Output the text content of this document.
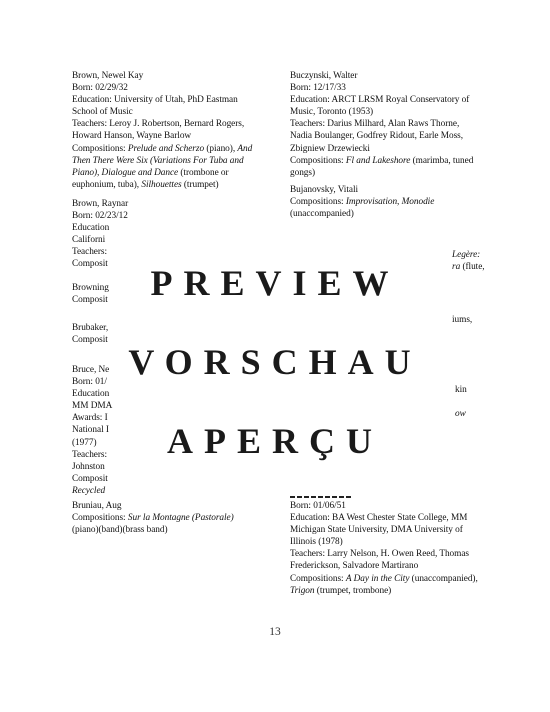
Brown, Newel Kay
Born: 02/29/32
Education: University of Utah, PhD Eastman
School of Music
Teachers: Leroy J. Robertson, Bernard Rogers,
Howard Hanson, Wayne Barlow
Compositions: Prelude and Scherzo (piano), And
Then There Were Six (Variations For Tuba and
Piano), Dialogue and Dance (trombone or
euphonium, tuba), Silhouettes (trumpet)
Brown, Raynar
Born: 02/23/12
Education
Californi
Teachers:
Composit
Browning
Composit
Brubaker,
Composit
Bruce, Ne
Born: 01/
Education
MM DMA
Awards: I
National I
(1977)
Teachers:
Johnston
Composit
Recycled
Bruniau, Aug
Compositions: Sur la Montagne (Pastorale)
(piano)(band)(brass band)
Buczynski, Walter
Born: 12/17/33
Education: ARCT LRSM Royal Conservatory of
Music, Toronto (1953)
Teachers: Darius Milhard, Alan Raws Thorne,
Nadia Boulanger, Godfrey Ridout, Earle Moss,
Zbigniew Drzewiecki
Compositions: Fl and Lakeshore (marimba, tuned
gongs)
Bujanovsky, Vitali
Compositions: Improvisation, Monodie
(unaccompanied)
Legère:
ra (flute,
iums,
kin
ow
Born: 01/06/51
Education: BA West Chester State College, MM
Michigan State University, DMA University of
Illinois (1978)
Teachers: Larry Nelson, H. Owen Reed, Thomas
Frederickson, Salvadore Martirano
Compositions: A Day in the City (unaccompanied),
Trigon (trumpet, trombone)
PREVIEW
VORSCHAU
APERÇU
13
